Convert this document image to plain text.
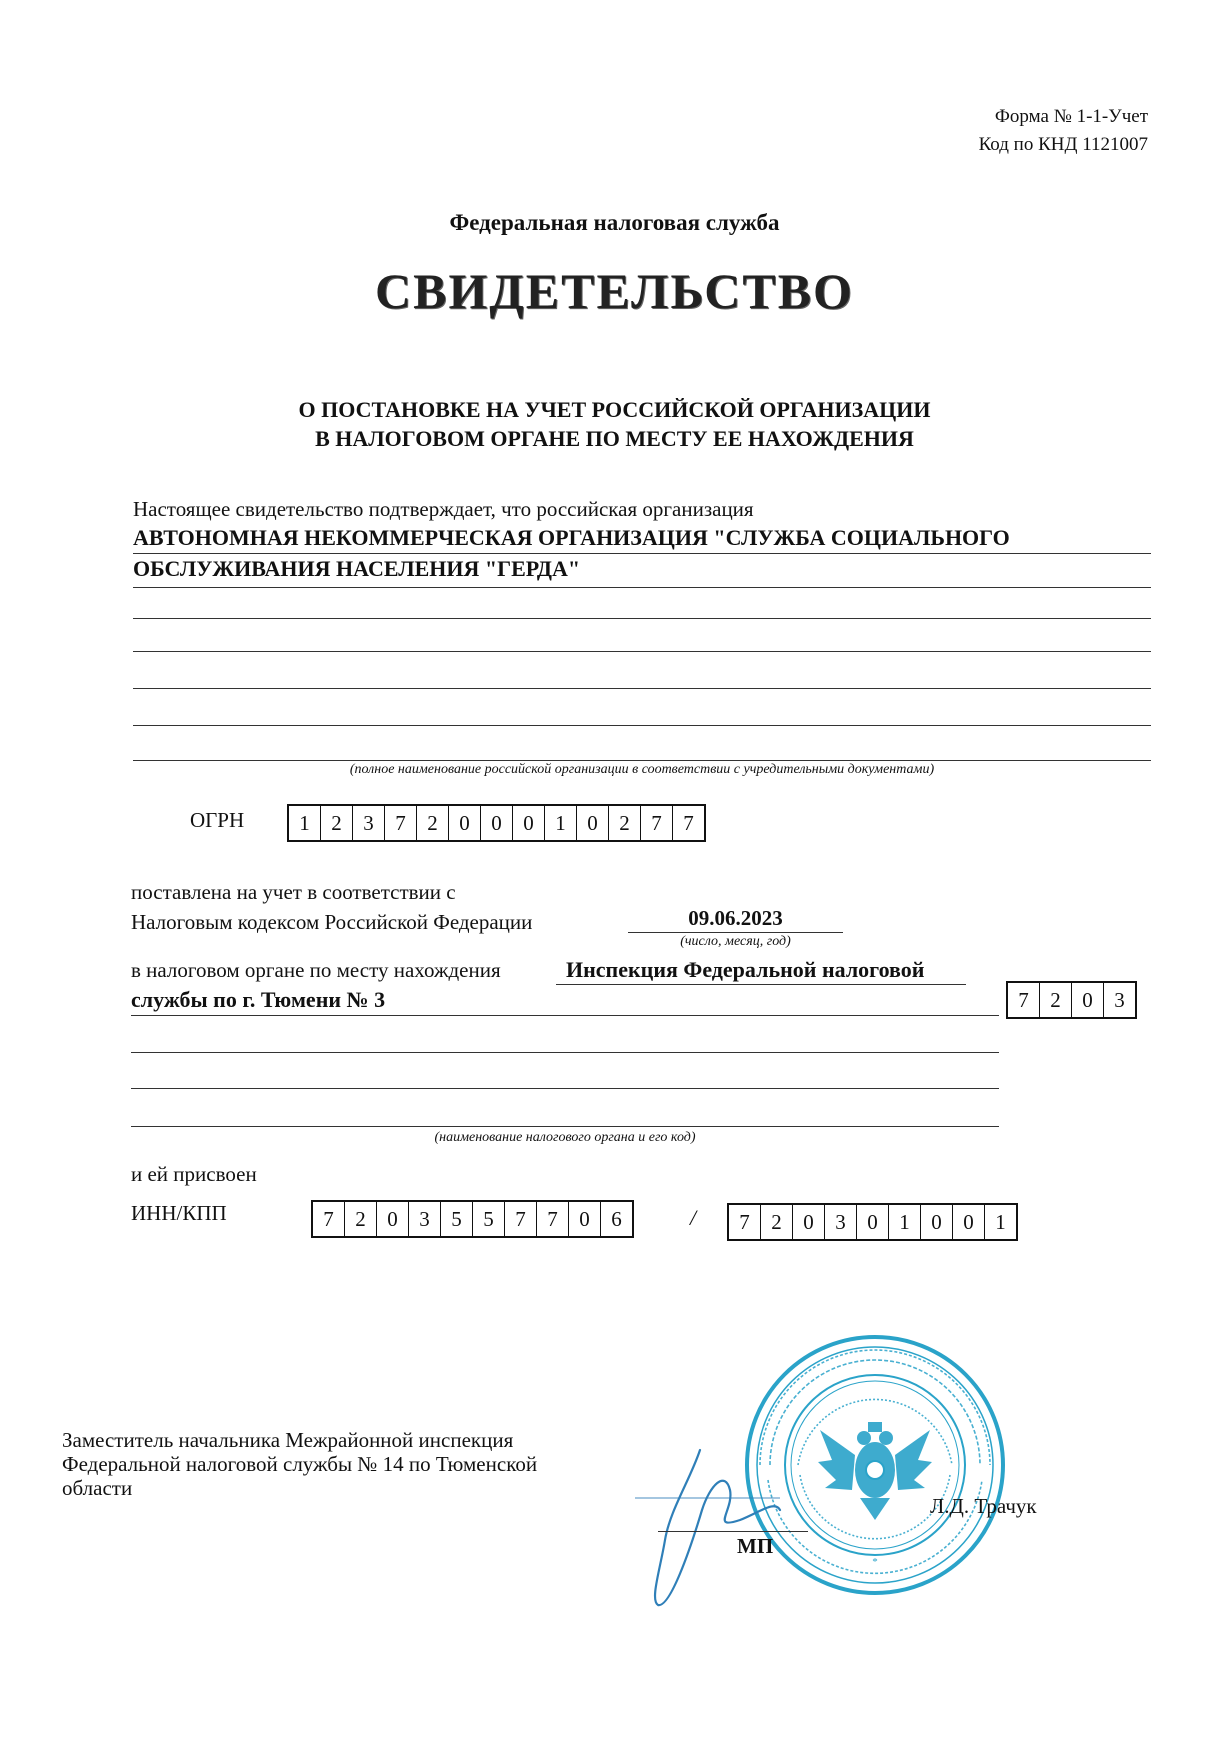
Форма № 1-1-Учет
Код по КНД 1121007
Федеральная налоговая служба
СВИДЕТЕЛЬСТВО
О ПОСТАНОВКЕ НА УЧЕТ РОССИЙСКОЙ ОРГАНИЗАЦИИ
В НАЛОГОВОМ ОРГАНЕ ПО МЕСТУ ЕЕ НАХОЖДЕНИЯ
Настоящее свидетельство подтверждает, что российская организация
АВТОНОМНАЯ НЕКОММЕРЧЕСКАЯ ОРГАНИЗАЦИЯ "СЛУЖБА СОЦИАЛЬНОГО
ОБСЛУЖИВАНИЯ НАСЕЛЕНИЯ "ГЕРДА"
(полное наименование российской организации в соответствии с учредительными документами)
ОГРН	1	2	3	7	2	0	0	0	1	0	2	7	7
поставлена на учет в соответствии с
Налоговым кодексом Российской Федерации	09.06.2023
(число, месяц, год)
в налоговом органе по месту нахождения	Инспекция Федеральной налоговой
службы по г. Тюмени № 3	7	2	0	3
(наименование налогового органа и его код)
и ей присвоен
ИНН/КПП	7	2	0	3	5	5	7	7	0	6	/	7	2	0	3	0	1	0	0	1
Заместитель начальника Межрайонной инспекция
Федеральной налоговой службы № 14 по Тюменской
области
*
Л.Д. Трачук
МП
